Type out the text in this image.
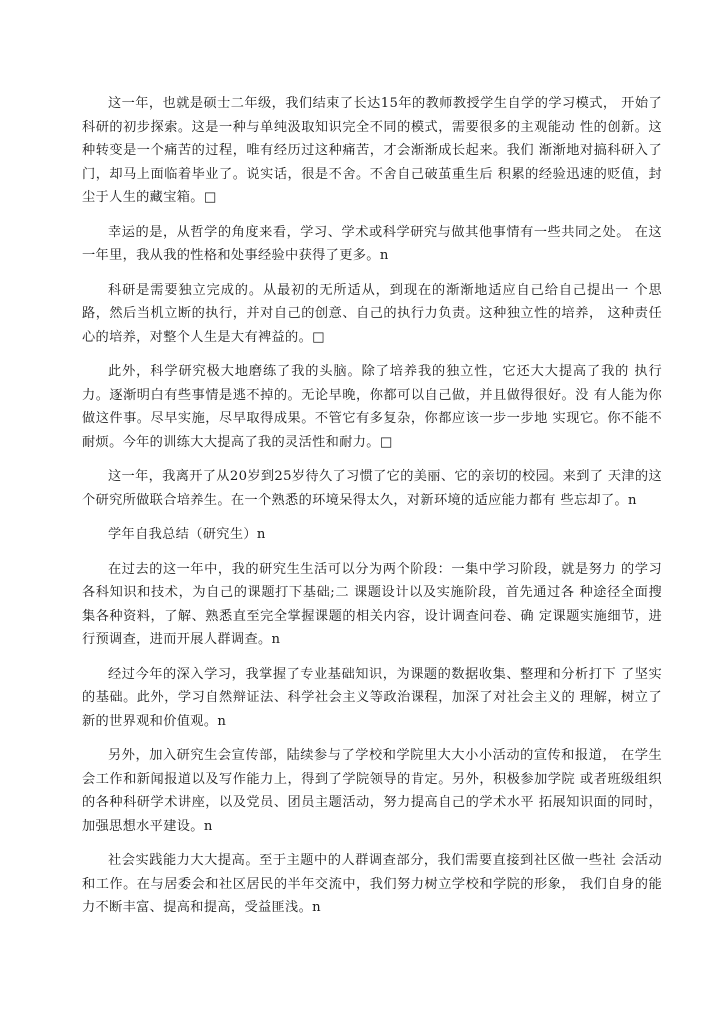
这一年，也就是硕士二年级，我们结束了长达15年的教师教授学生自学的学习模式， 开始了科研的初步探索。这是一种与单纯汲取知识完全不同的模式，需要很多的主观能动 性的创新。这种转变是一个痛苦的过程，唯有经历过这种痛苦，才会渐渐成长起来。我们 渐渐地对搞科研入了门，却马上面临着毕业了。说实话，很是不舍。不舍自己破茧重生后 积累的经验迅速的贬值，封尘于人生的藏宝箱。□

幸运的是，从哲学的角度来看，学习、学术或科学研究与做其他事情有一些共同之处。 在这一年里，我从我的性格和处事经验中获得了更多。n

科研是需要独立完成的。从最初的无所适从，到现在的渐渐地适应自己给自己提出一 个思路，然后当机立断的执行，并对自己的创意、自己的执行力负责。这种独立性的培养， 这种责任心的培养，对整个人生是大有裨益的。□

此外，科学研究极大地磨练了我的头脑。除了培养我的独立性，它还大大提高了我的 执行力。逐渐明白有些事情是逃不掉的。无论早晚，你都可以自己做，并且做得很好。没 有人能为你做这件事。尽早实施，尽早取得成果。不管它有多复杂，你都应该一步一步地 实现它。你不能不耐烦。今年的训练大大提高了我的灵活性和耐力。□

这一年，我离开了从20岁到25岁待久了习惯了它的美丽、它的亲切的校园。来到了 天津的这个研究所做联合培养生。在一个熟悉的环境呆得太久，对新环境的适应能力都有 些忘却了。n

学年自我总结（研究生）n

在过去的这一年中，我的研究生生活可以分为两个阶段：一集中学习阶段，就是努力 的学习各科知识和技术，为自己的课题打下基础;二 课题设计以及实施阶段，首先通过各 种途径全面搜集各种资料，了解、熟悉直至完全掌握课题的相关内容，设计调查问卷、确 定课题实施细节，进行预调查，进而开展人群调查。n

经过今年的深入学习，我掌握了专业基础知识，为课题的数据收集、整理和分析打下 了坚实的基础。此外，学习自然辩证法、科学社会主义等政治课程，加深了对社会主义的 理解，树立了新的世界观和价值观。n

另外，加入研究生会宣传部，陆续参与了学校和学院里大大小小活动的宣传和报道， 在学生会工作和新闻报道以及写作能力上，得到了学院领导的肯定。另外，积极参加学院 或者班级组织的各种科研学术讲座，以及党员、团员主题活动，努力提高自己的学术水平 拓展知识面的同时，加强思想水平建设。n

社会实践能力大大提高。至于主题中的人群调查部分，我们需要直接到社区做一些社 会活动和工作。在与居委会和社区居民的半年交流中，我们努力树立学校和学院的形象， 我们自身的能力不断丰富、提高和提高，受益匪浅。n
